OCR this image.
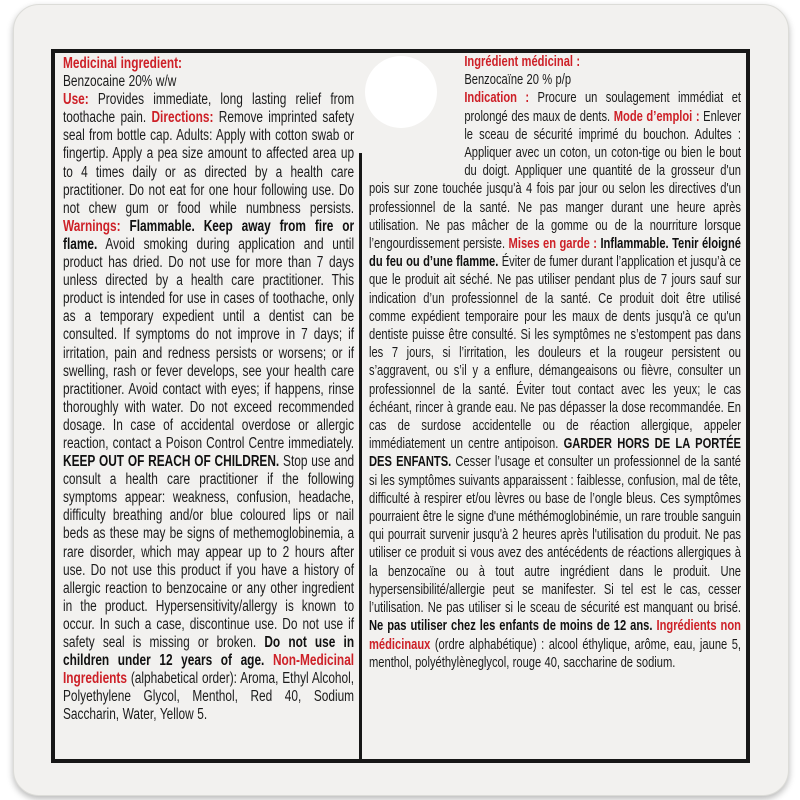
Medicinal ingredient:
Benzocaine 20% w/w
Use: Provides immediate, long lasting relief from toothache pain. Directions: Remove imprinted safety seal from bottle cap. Adults: Apply with cotton swab or fingertip. Apply a pea size amount to affected area up to 4 times daily or as directed by a health care practitioner. Do not eat for one hour following use. Do not chew gum or food while numbness persists. Warnings: Flammable. Keep away from fire or flame. Avoid smoking during application and until product has dried. Do not use for more than 7 days unless directed by a health care practitioner. This product is intended for use in cases of toothache, only as a temporary expedient until a dentist can be consulted. If symptoms do not improve in 7 days; if irritation, pain and redness persists or worsens; or if swelling, rash or fever develops, see your health care practitioner. Avoid contact with eyes; if happens, rinse thoroughly with water. Do not exceed recommended dosage. In case of accidental overdose or allergic reaction, contact a Poison Control Centre immediately. KEEP OUT OF REACH OF CHILDREN. Stop use and consult a health care practitioner if the following symptoms appear: weakness, confusion, headache, difficulty breathing and/or blue coloured lips or nail beds as these may be signs of methemoglobinemia, a rare disorder, which may appear up to 2 hours after use. Do not use this product if you have a history of allergic reaction to benzocaine or any other ingredient in the product. Hypersensitivity/allergy is known to occur. In such a case, discontinue use. Do not use if safety seal is missing or broken. Do not use in children under 12 years of age. Non-Medicinal Ingredients (alphabetical order): Aroma, Ethyl Alcohol, Polyethylene Glycol, Menthol, Red 40, Sodium Saccharin, Water, Yellow 5.
Ingrédient médicinal :
Benzocaïne 20 % p/p
Indication : Procure un soulagement immédiat et prolongé des maux de dents. Mode d’emploi : Enlever le sceau de sécurité imprimé du bouchon. Adultes : Appliquer avec un coton, un coton-tige ou bien le bout du doigt. Appliquer une quantité de la grosseur d'un pois sur zone touchée jusqu'à 4 fois par jour ou selon les directives d'un professionnel de la santé. Ne pas manger durant une heure après utilisation. Ne pas mâcher de la gomme ou de la nourriture lorsque l’engourdissement persiste. Mises en garde : Inflammable. Tenir éloigné du feu ou d’une flamme. Éviter de fumer durant l’application et jusqu’à ce que le produit ait séché. Ne pas utiliser pendant plus de 7 jours sauf sur indication d’un professionnel de la santé. Ce produit doit être utilisé comme expédient temporaire pour les maux de dents jusqu'à ce qu'un dentiste puisse être consulté. Si les symptômes ne s’estompent pas dans les 7 jours, si l’irritation, les douleurs et la rougeur persistent ou s’aggravent, ou s’il y a enflure, démangeaisons ou fièvre, consulter un professionnel de la santé. Éviter tout contact avec les yeux; le cas échéant, rincer à grande eau. Ne pas dépasser la dose recommandée. En cas de surdose accidentelle ou de réaction allergique, appeler immédiatement un centre antipoison. GARDER HORS DE LA PORTÉE DES ENFANTS. Cesser l’usage et consulter un professionnel de la santé si les symptômes suivants apparaissent : faiblesse, confusion, mal de tête, difficulté à respirer et/ou lèvres ou base de l’ongle bleus. Ces symptômes pourraient être le signe d'une méthémoglobinémie, un rare trouble sanguin qui pourrait survenir jusqu'à 2 heures après l'utilisation du produit. Ne pas utiliser ce produit si vous avez des antécédents de réactions allergiques à la benzocaïne ou à tout autre ingrédient dans le produit. Une hypersensibilité/allergie peut se manifester. Si tel est le cas, cesser l’utilisation. Ne pas utiliser si le sceau de sécurité est manquant ou brisé. Ne pas utiliser chez les enfants de moins de 12 ans. Ingrédients non médicinaux (ordre alphabétique) : alcool éthylique, arôme, eau, jaune 5, menthol, polyéthylèneglycol, rouge 40, saccharine de sodium.
